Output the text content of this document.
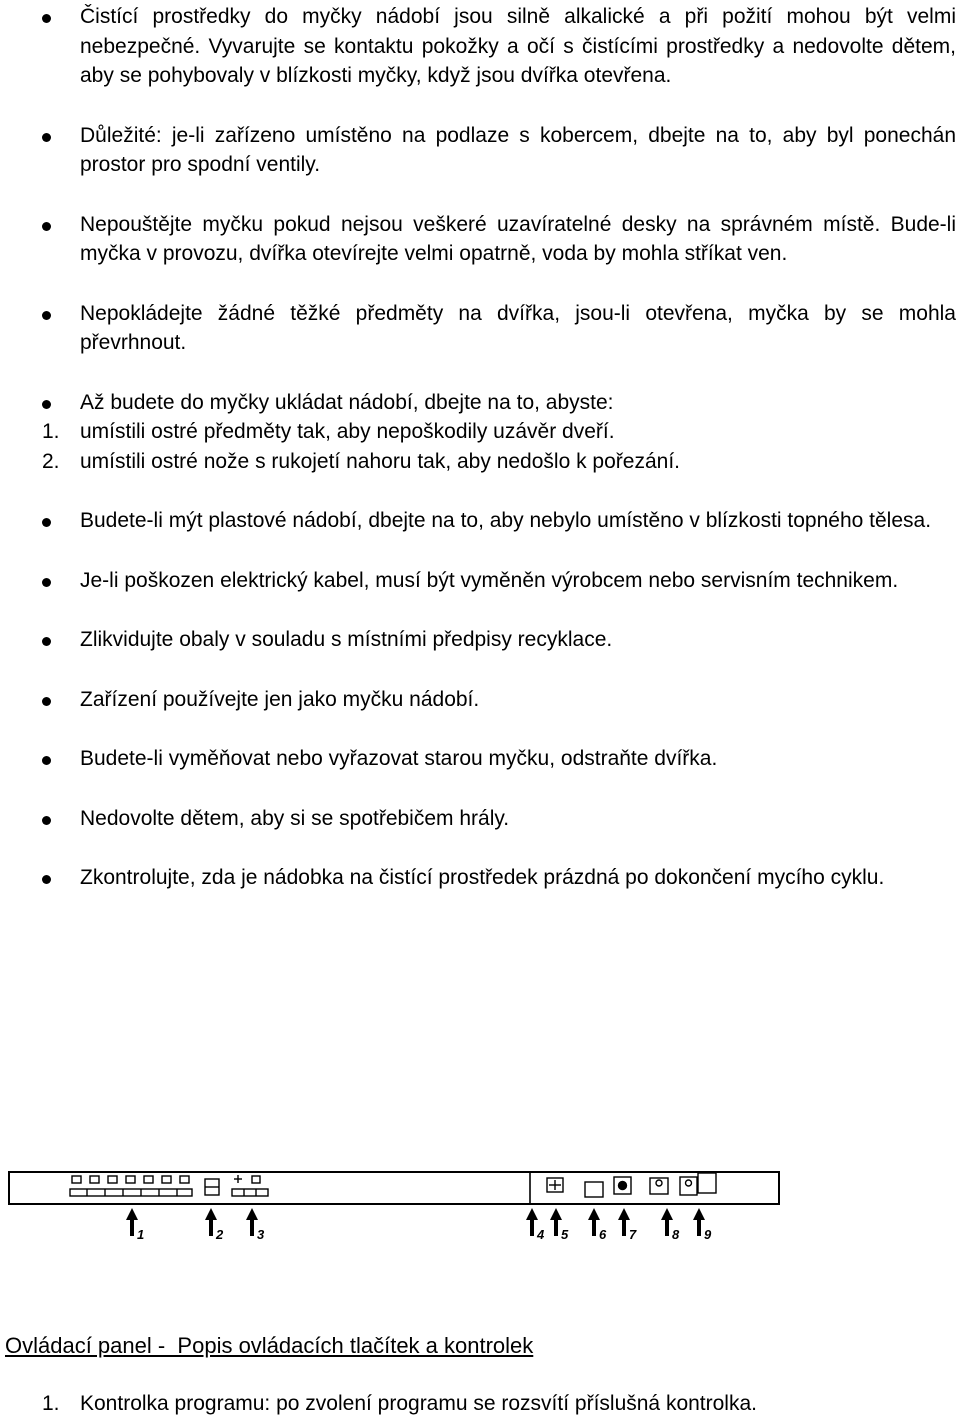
Čistící prostředky do myčky nádobí jsou silně alkalické a při požití mohou být velmi nebezpečné. Vyvarujte se kontaktu pokožky a očí s čistícími prostředky a nedovolte dětem, aby se pohybovaly v blízkosti myčky, když jsou dvířka otevřena.

Důležité: je-li zařízeno umístěno na podlaze s kobercem, dbejte na to, aby byl ponechán prostor pro spodní ventily.

Nepouštějte myčku pokud nejsou veškeré uzavíratelné desky na správném místě. Bude-li myčka v provozu, dvířka otevírejte velmi opatrně, voda by mohla stříkat ven.

Nepokládejte žádné těžké předměty na dvířka, jsou-li otevřena, myčka by se mohla převrhnout.

Až budete do myčky ukládat nádobí, dbejte na to, abyste:

1. umístili ostré předměty tak, aby nepoškodily uzávěr dveří.

2. umístili ostré nože s rukojetí nahoru tak, aby nedošlo k pořezání.

Budete-li mýt plastové nádobí, dbejte na to, aby nebylo umístěno v blízkosti topného tělesa.

Je-li poškozen elektrický kabel, musí být vyměněn výrobcem nebo servisním technikem.

Zlikvidujte obaly v souladu s místními předpisy recyklace.

Zařízení používejte jen jako myčku nádobí.

Budete-li vyměňovat nebo vyřazovat starou myčku, odstraňte dvířka.

Nedovolte dětem, aby si se spotřebičem hrály.

Zkontrolujte, zda je nádobka na čistící prostředek prázdná po dokončení mycího cyklu.

1	2	3	4 5 6 7	8 9
Ovládací panel -  Popis ovládacích tlačítek a kontrolek
1. Kontrolka programu: po zvolení programu se rozsvítí příslušná kontrolka.
